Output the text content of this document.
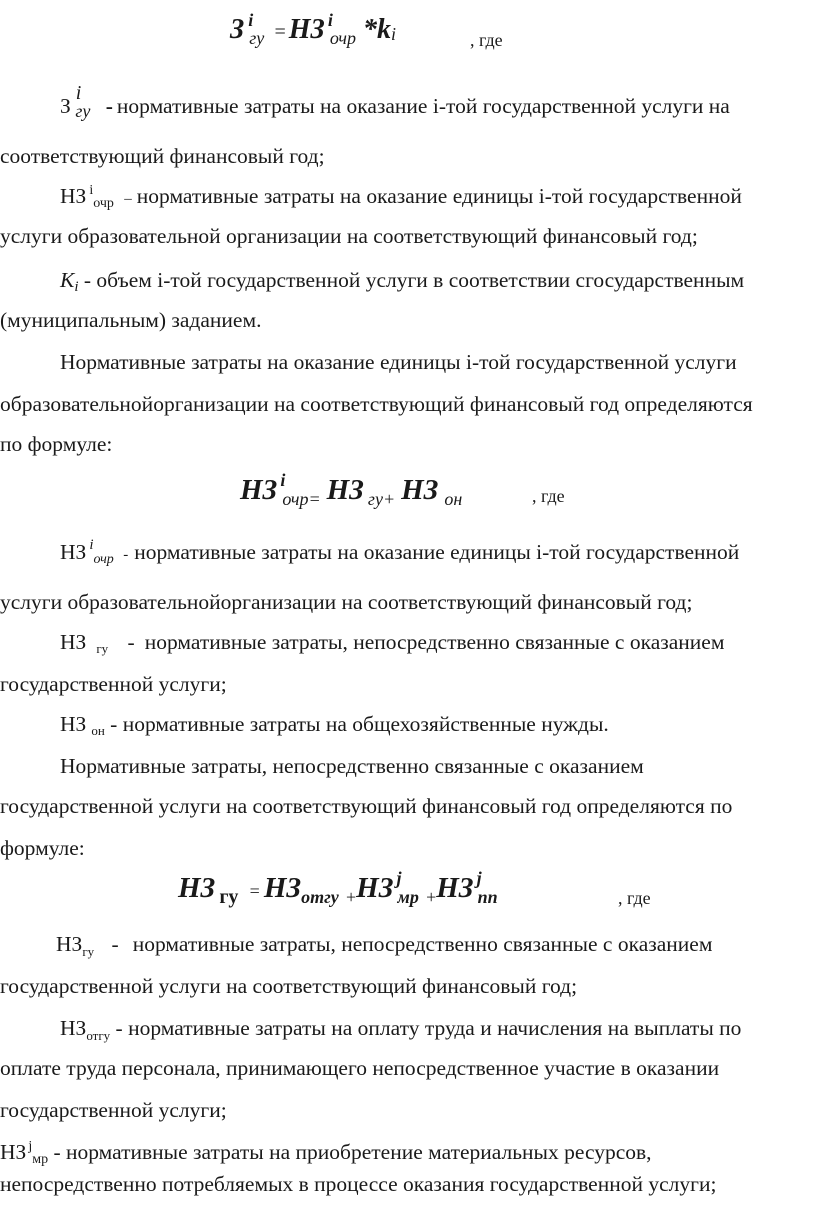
З $^i_{гу}$ =НЗ $^i_{очр}$ *ki	, где
Зiгу - нормативные затраты на оказание i-той государственной услуги на
соответствующий финансовый год;
НЗ $^i$очр – нормативные затраты на оказание единицы i-той государственной
услуги образовательной организации на соответствующий финансовый год;
Ki - объем i-той государственной услуги в соответствии сгосударственным
(муниципальным) заданием.
Нормативные затраты на оказание единицы i-той государственной услуги
образовательнойорганизации на соответствующий финансовый год определяются
по формуле:
НЗ $^i_{очр=}$ НЗ $_{гу+}$ НЗ $_{он}$	, где
НЗ $^i$очр - нормативные затраты на оказание единицы i-той государственной
услуги образовательнойорганизации на соответствующий финансовый год;
НЗ гу - нормативные затраты, непосредственно связанные с оказанием
государственной услуги;
НЗ он - нормативные затраты на общехозяйственные нужды.
Нормативные затраты, непосредственно связанные с оказанием
государственной услуги на соответствующий финансовый год определяются по
формуле:
НЗ $_{гу} = НЗ_{отгу}$ $_+$НЗ $^j_{мр}$ $_+$НЗ $^j_{пп}$	, где
$НЗ_{гу}$ - нормативные затраты, непосредственно связанные с оказанием
государственной услуги на соответствующий финансовый год;
$НЗ_{отгу}$ - нормативные затраты на оплату труда и начисления на выплаты по
оплате труда персонала, принимающего непосредственное участие в оказании
государственной услуги;
НЗ $^j$мр - нормативные затраты на приобретение материальных ресурсов,
непосредственно потребляемых в процессе оказания государственной услуги;
